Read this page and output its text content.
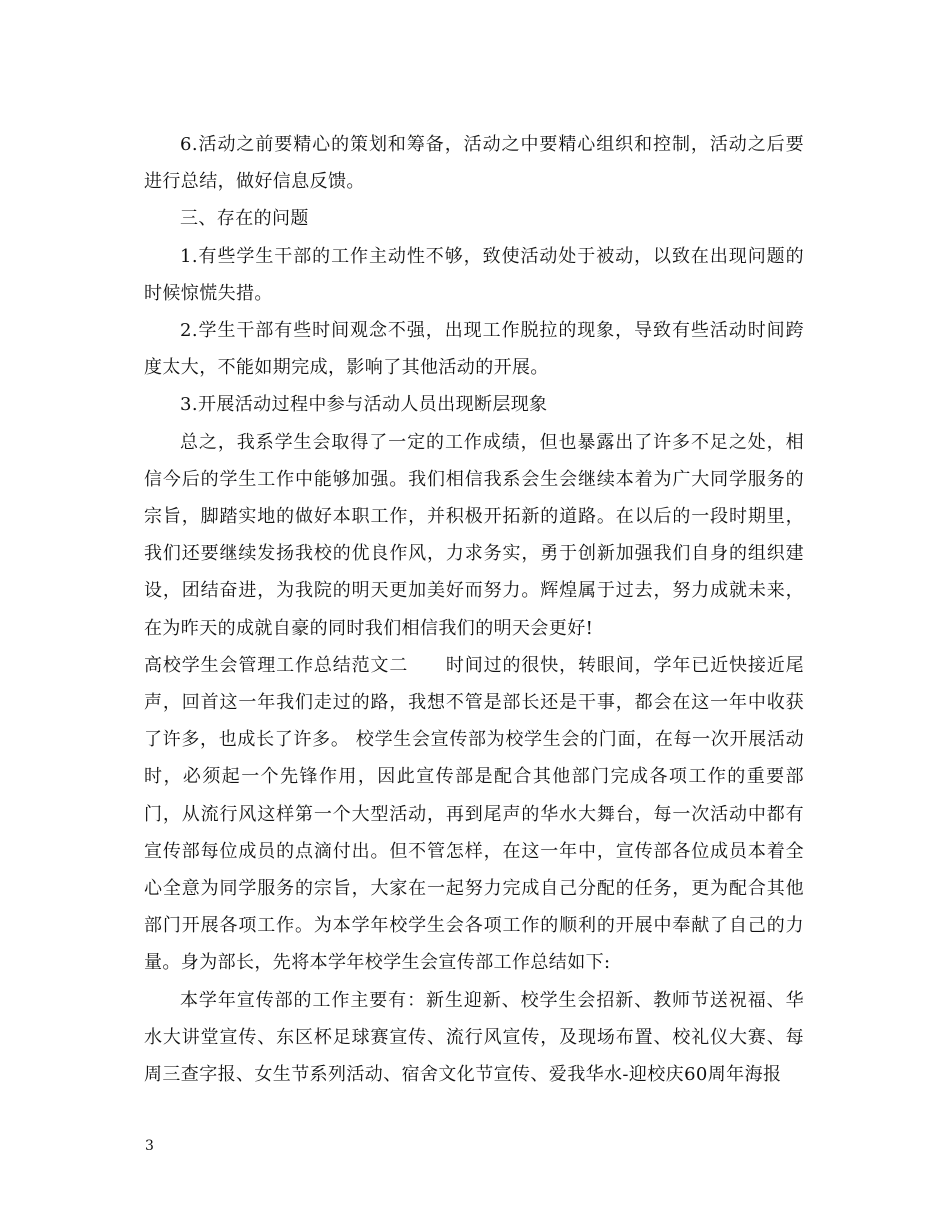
6.活动之前要精心的策划和筹备，活动之中要精心组织和控制，活动之后要进行总结，做好信息反馈。

三、存在的问题

1.有些学生干部的工作主动性不够，致使活动处于被动，以致在出现问题的时候惊慌失措。

2.学生干部有些时间观念不强，出现工作脱拉的现象，导致有些活动时间跨度太大，不能如期完成，影响了其他活动的开展。

3.开展活动过程中参与活动人员出现断层现象

总之，我系学生会取得了一定的工作成绩，但也暴露出了许多不足之处，相信今后的学生工作中能够加强。我们相信我系会生会继续本着为广大同学服务的宗旨，脚踏实地的做好本职工作，并积极开拓新的道路。在以后的一段时期里，我们还要继续发扬我校的优良作风，力求务实，勇于创新加强我们自身的组织建设，团结奋进，为我院的明天更加美好而努力。辉煌属于过去，努力成就未来，在为昨天的成就自豪的同时我们相信我们的明天会更好!

高校学生会管理工作总结范文二　　时间过的很快，转眼间，学年已近快接近尾声，回首这一年我们走过的路，我想不管是部长还是干事，都会在这一年中收获了许多，也成长了许多。 校学生会宣传部为校学生会的门面，在每一次开展活动时，必须起一个先锋作用，因此宣传部是配合其他部门完成各项工作的重要部门，从流行风这样第一个大型活动，再到尾声的华水大舞台，每一次活动中都有宣传部每位成员的点滴付出。但不管怎样，在这一年中，宣传部各位成员本着全心全意为同学服务的宗旨，大家在一起努力完成自己分配的任务，更为配合其他部门开展各项工作。为本学年校学生会各项工作的顺利的开展中奉献了自己的力量。身为部长，先将本学年校学生会宣传部工作总结如下:

本学年宣传部的工作主要有：新生迎新、校学生会招新、教师节送祝福、华水大讲堂宣传、东区杯足球赛宣传、流行风宣传，及现场布置、校礼仪大赛、每周三查字报、女生节系列活动、宿舍文化节宣传、爱我华水-迎校庆60周年海报

3
